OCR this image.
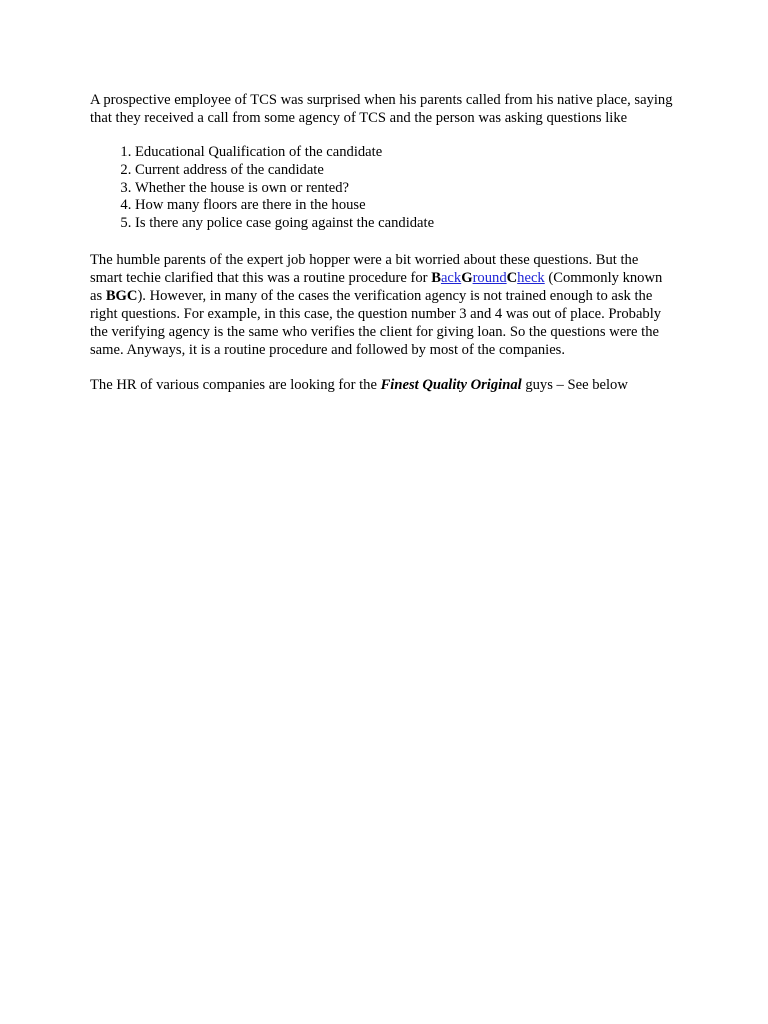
A prospective employee of TCS was surprised when his parents called from his native place, saying that they received a call from some agency of TCS and the person was asking questions like

1. Educational Qualification of the candidate
2. Current address of the candidate
3. Whether the house is own or rented?
4. How many floors are there in the house
5. Is there any police case going against the candidate

The humble parents of the expert job hopper were a bit worried about these questions. But the smart techie clarified that this was a routine procedure for BackGroundCheck (Commonly known as BGC). However, in many of the cases the verification agency is not trained enough to ask the right questions. For example, in this case, the question number 3 and 4 was out of place. Probably the verifying agency is the same who verifies the client for giving loan. So the questions were the same. Anyways, it is a routine procedure and followed by most of the companies.

The HR of various companies are looking for the Finest Quality Original guys – See below
